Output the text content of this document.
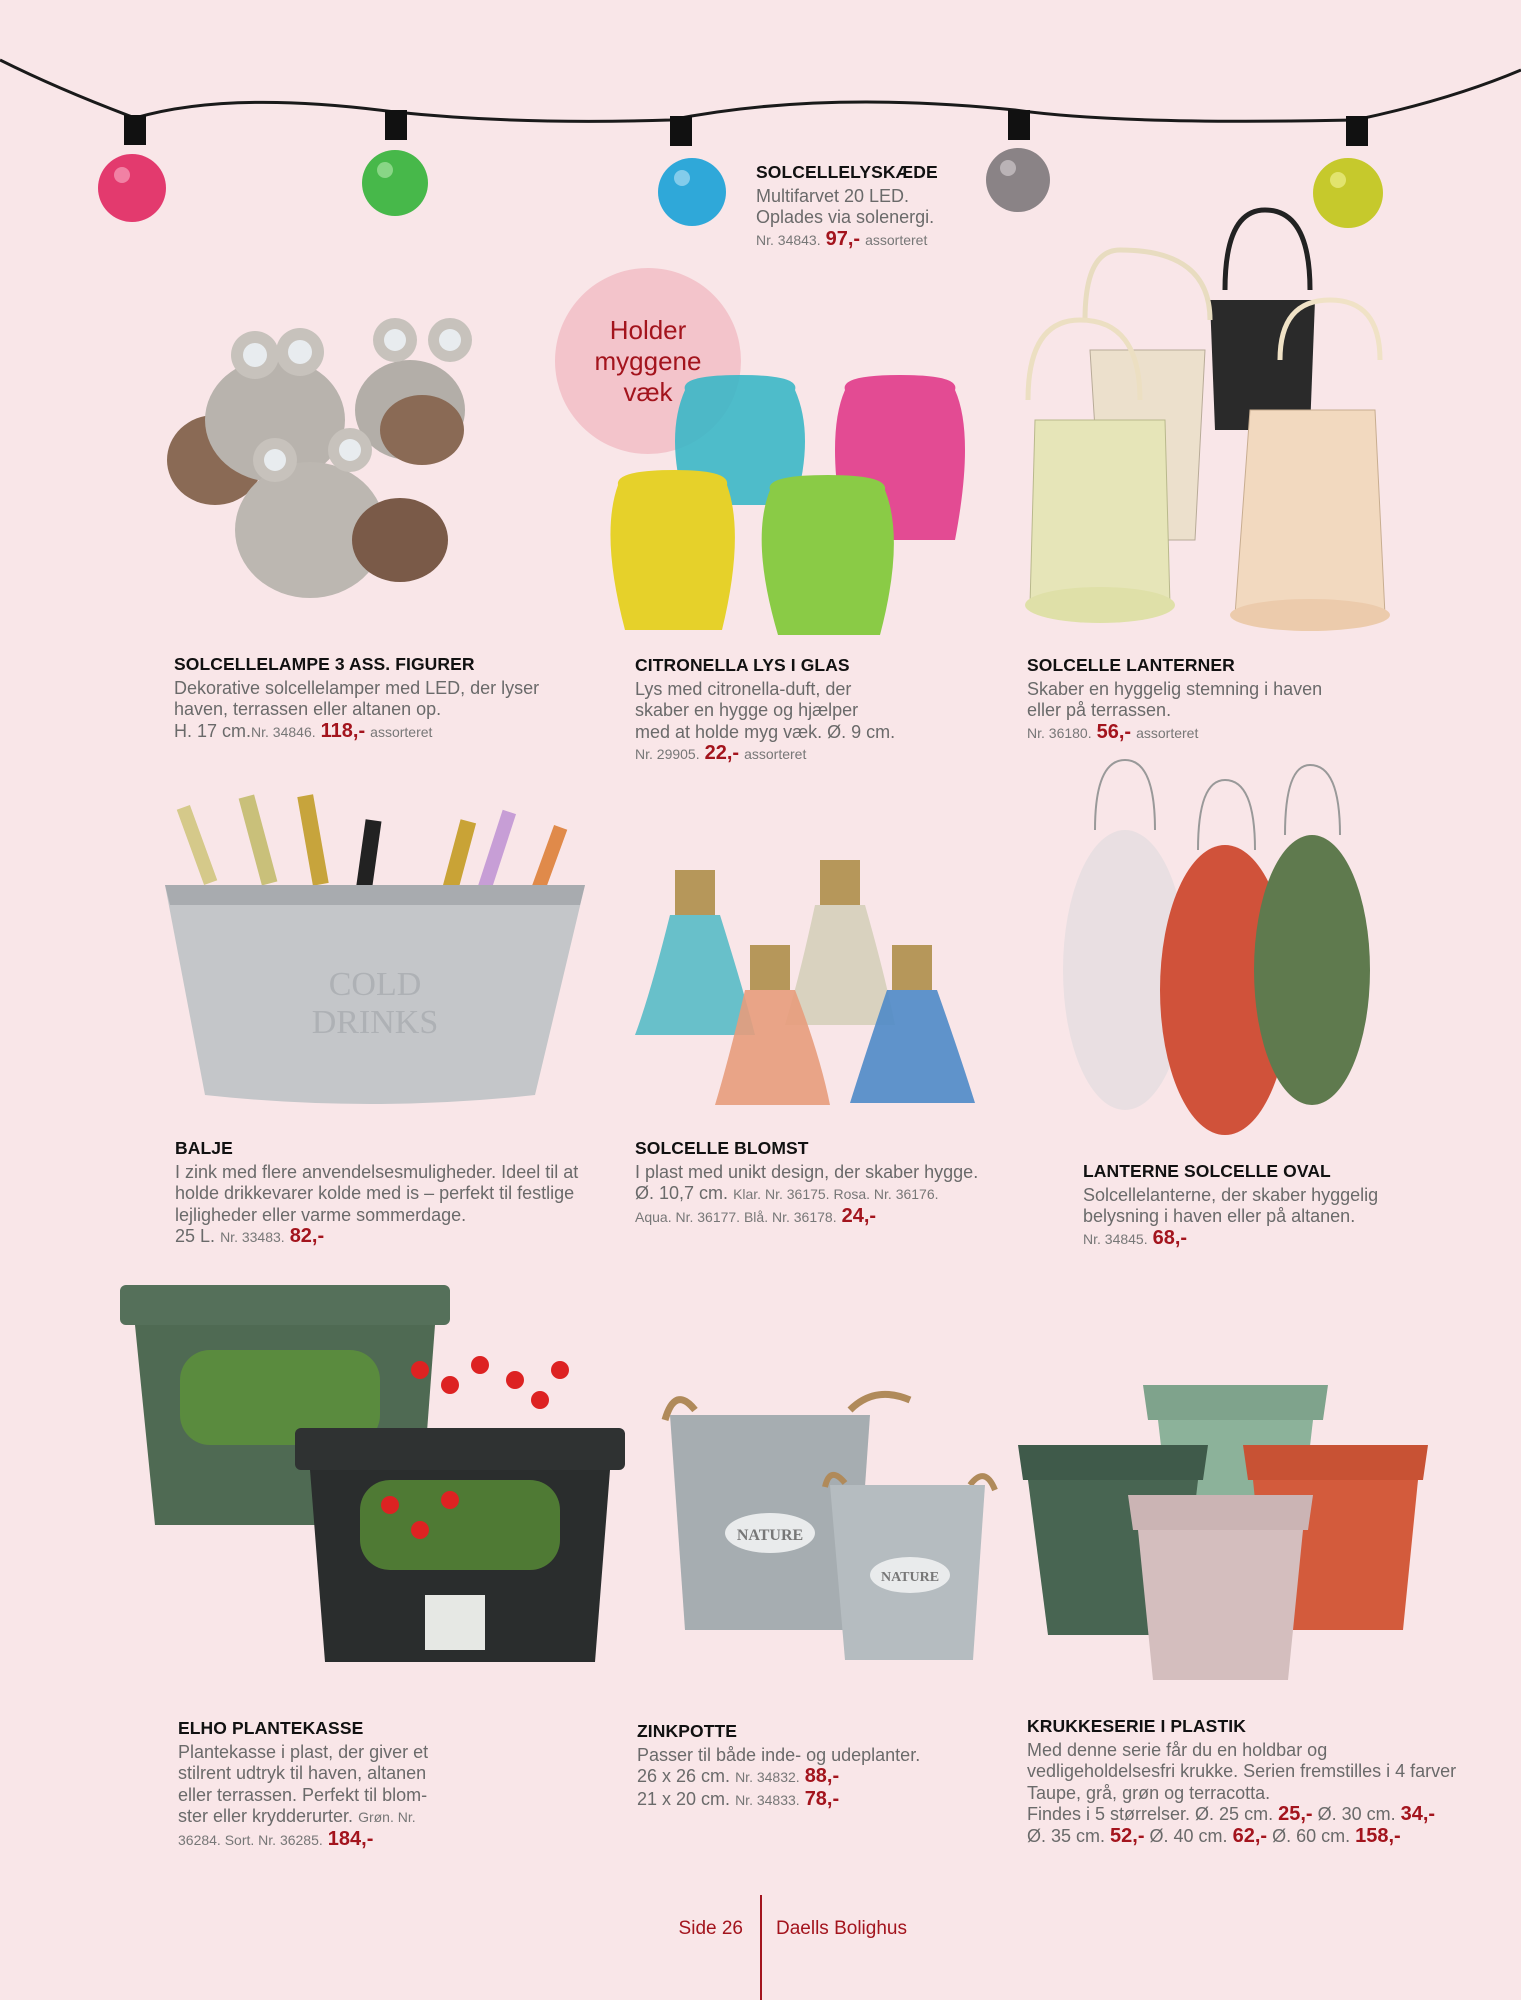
SOLCELLELYSKÆDE

Multifarvet 20 LED.

Oplades via solenergi.

Nr. 34843. 97,- assorteret

Holder
myggene
væk
SOLCELLELAMPE 3 ASS. FIGURER

Dekorative solcellelamper med LED, der lyser

haven, terrassen eller altanen op.

H. 17 cm.Nr. 34846. 118,- assorteret

CITRONELLA LYS I GLAS

Lys med citronella-duft, der

skaber en hygge og hjælper

med at holde myg væk. Ø. 9 cm.

Nr. 29905. 22,- assorteret

SOLCELLE LANTERNER

Skaber en hyggelig stemning i haven

eller på terrassen.

Nr. 36180. 56,- assorteret

COLD
DRINKS
BALJE

I zink med flere anvendelsesmuligheder. Ideel til at

holde drikkevarer kolde med is – perfekt til festlige

lejligheder eller varme sommerdage.

25 L. Nr. 33483. 82,-

SOLCELLE BLOMST

I plast med unikt design, der skaber hygge.

Ø. 10,7 cm. Klar. Nr. 36175. Rosa. Nr. 36176.

Aqua. Nr. 36177. Blå. Nr. 36178. 24,-

LANTERNE SOLCELLE OVAL

Solcellelanterne, der skaber hyggelig

belysning i haven eller på altanen.

Nr. 34845. 68,-

NATURE
NATURE
ELHO PLANTEKASSE

Plantekasse i plast, der giver et

stilrent udtryk til haven, altanen

eller terrassen. Perfekt til blom-

ster eller krydderurter. Grøn. Nr.

36284. Sort. Nr. 36285. 184,-

ZINKPOTTE

Passer til både inde- og udeplanter.

26 x 26 cm. Nr. 34832. 88,-

21 x 20 cm. Nr. 34833. 78,-

KRUKKESERIE I PLASTIK

Med denne serie får du en holdbar og

vedligeholdelsesfri krukke. Serien fremstilles i 4 farver

Taupe, grå, grøn og terracotta.

Findes i 5 størrelser. Ø. 25 cm. 25,- Ø. 30 cm. 34,-

Ø. 35 cm. 52,- Ø. 40 cm. 62,- Ø. 60 cm. 158,-

Side 26 Daells Bolighus
